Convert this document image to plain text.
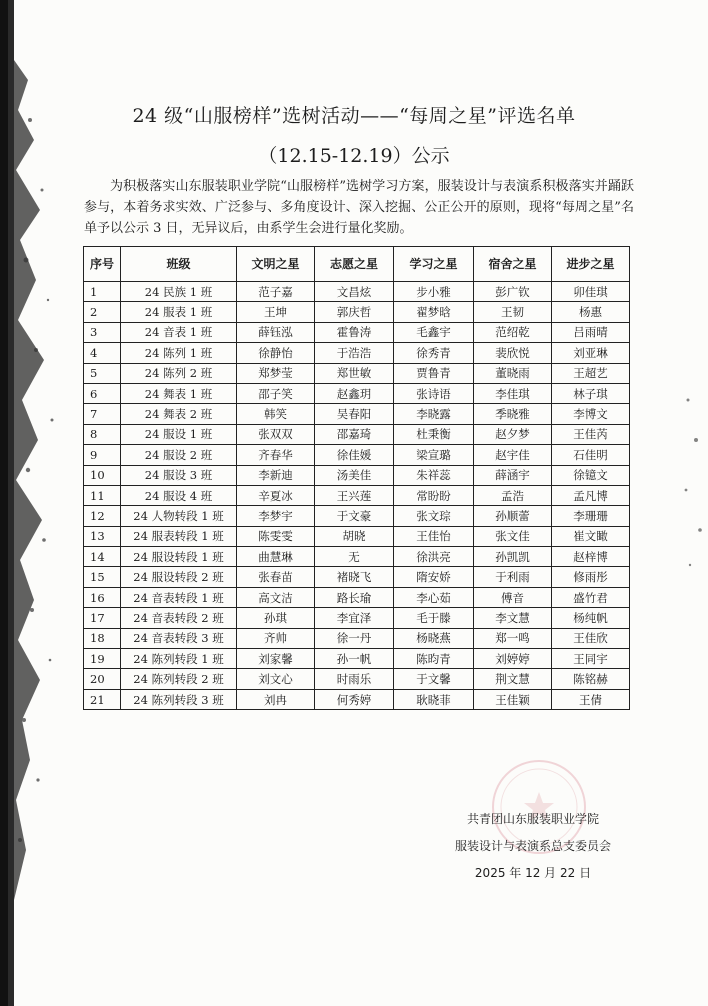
24 级“山服榜样”选树活动——“每周之星”评选名单
（12.15-12.19）公示
为积极落实山东服装职业学院“山服榜样”选树学习方案，服装设计与表演系积极落实并踊跃参与，本着务求实效、广泛参与、多角度设计、深入挖掘、公正公开的原则，现将“每周之星”名单予以公示 3 日，无异议后，由系学生会进行量化奖励。
序号	班级	文明之星	志愿之星	学习之星	宿舍之星	进步之星
1	24 民族 1 班	范子嘉	文昌炫	步小雅	彭广钦	卯佳琪
2	24 服表 1 班	王坤	郭庆哲	翟梦晗	王韧	杨惠
3	24 音表 1 班	薛钰泓	霍鲁涛	毛鑫宇	范绍乾	吕雨晴
4	24 陈列 1 班	徐静怡	于浩浩	徐秀青	裴欣悦	刘亚琳
5	24 陈列 2 班	郑梦莹	郑世敏	贾鲁青	董晓雨	王超艺
6	24 舞表 1 班	邵子笑	赵鑫玥	张诗语	李佳琪	林子琪
7	24 舞表 2 班	韩笑	吴春阳	李晓露	季晓雅	李博文
8	24 服设 1 班	张双双	邵嘉琦	杜秉衡	赵夕梦	王佳芮
9	24 服设 2 班	齐春华	徐佳媛	梁宣璐	赵宇佳	石佳明
10	24 服设 3 班	李新迪	汤美佳	朱祥蕊	薛涵宇	徐镱文
11	24 服设 4 班	辛夏冰	王兴莲	常盼盼	孟浩	孟凡博
12	24 人物转段 1 班	李梦宇	于文豪	张文琮	孙顺蕾	李珊珊
13	24 服表转段 1 班	陈雯雯	胡晓	王佳怡	张文佳	崔文瞰
14	24 服设转段 1 班	曲慧琳	无	徐洪亮	孙凯凯	赵梓博
15	24 服设转段 2 班	张春苗	褚晓飞	隋安娇	于利雨	修雨彤
16	24 音表转段 1 班	高文洁	路长瑜	李心茹	傅音	盛竹君
17	24 音表转段 2 班	孙琪	李宜泽	毛于滕	李文慧	杨纯帆
18	24 音表转段 3 班	齐帅	徐一丹	杨晓燕	郑一鸣	王佳欣
19	24 陈列转段 1 班	刘家馨	孙一帆	陈昀青	刘婷婷	王同宇
20	24 陈列转段 2 班	刘文心	时雨乐	于文馨	荆文慧	陈铭赫
21	24 陈列转段 3 班	刘冉	何秀婷	耿晓菲	王佳颖	王倩
共青团山东服装职业学院
服装设计与表演系总支委员会
2025 年 12 月 22 日
